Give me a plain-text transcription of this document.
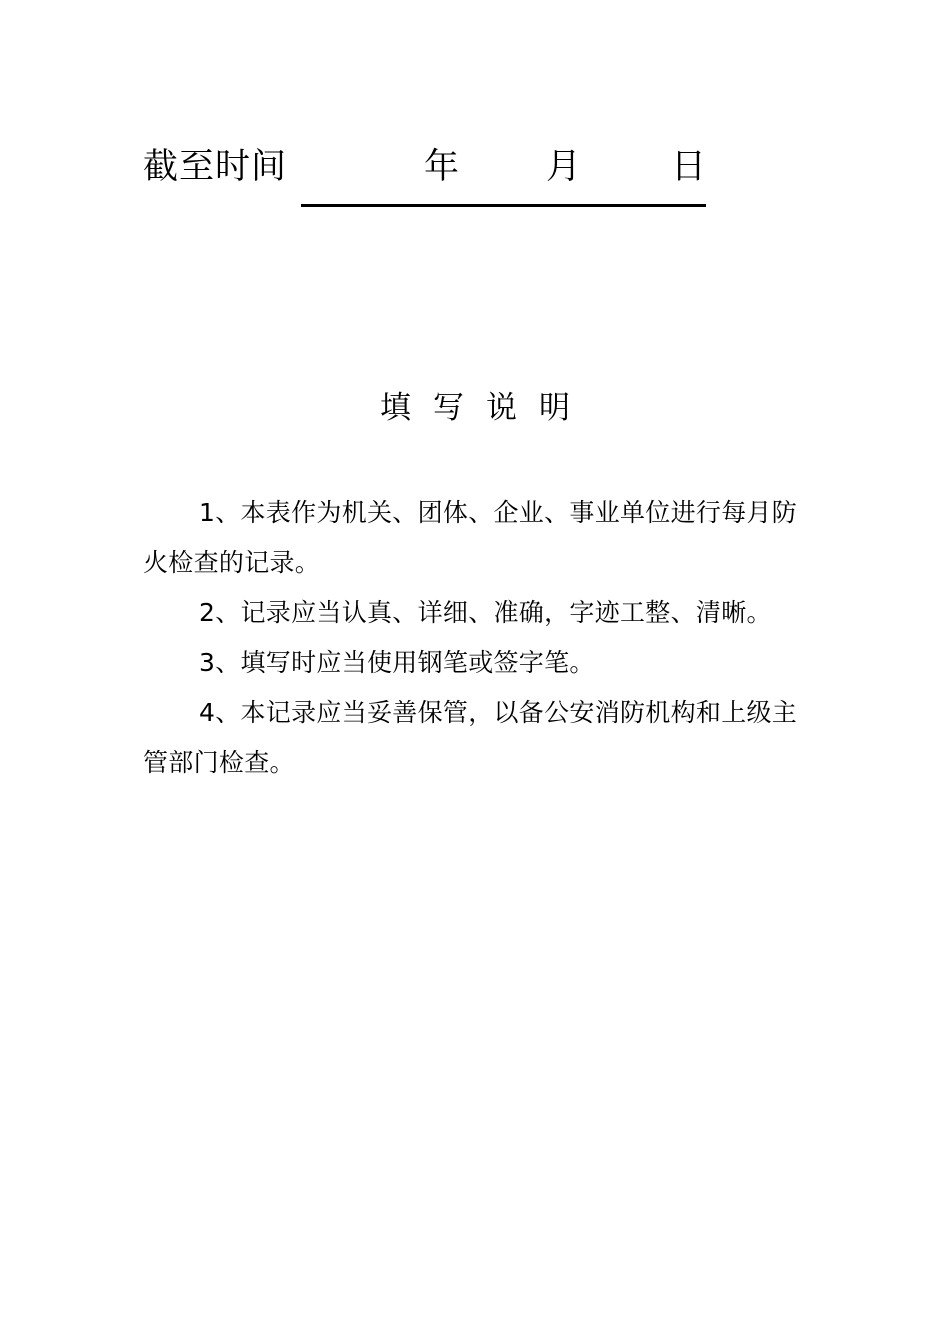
截至时间	年 月	日
填写说明

1、本表作为机关、团体、企业、事业单位进行每月防火检查的记录。

2、记录应当认真、详细、准确，字迹工整、清晰。

3、填写时应当使用钢笔或签字笔。

4、本记录应当妥善保管，以备公安消防机构和上级主管部门检查。
